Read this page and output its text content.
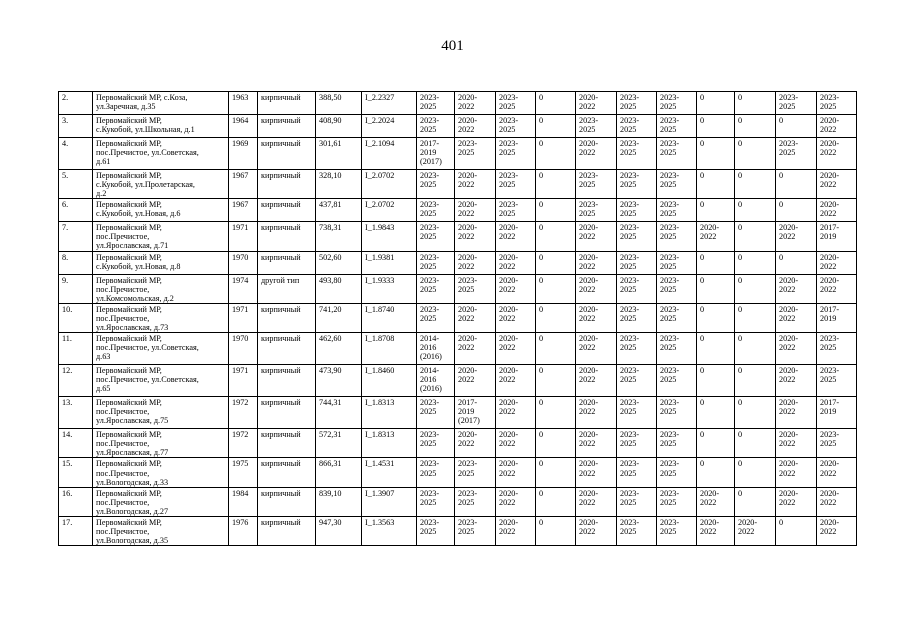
401
2.	Первомайский МР, с.Коза,
ул.Заречная, д.35	1963	кирпичный	388,50	I_2.2327	2023-
2025	2020-
2022	2023-
2025	0	2020-
2022	2023-
2025	2023-
2025	0	0	2023-
2025	2023-
2025
3.	Первомайский МР,
с.Кукобой, ул.Школьная, д.1	1964	кирпичный	408,90	I_2.2024	2023-
2025	2020-
2022	2023-
2025	0	2023-
2025	2023-
2025	2023-
2025	0	0	0	2020-
2022
4.	Первомайский МР,
пос.Пречистое, ул.Советская,
д.61	1969	кирпичный	301,61	I_2.1094	2017-
2019
(2017)	2023-
2025	2023-
2025	0	2020-
2022	2023-
2025	2023-
2025	0	0	2023-
2025	2020-
2022
5.	Первомайский МР,
с.Кукобой, ул.Пролетарская,
д.2	1967	кирпичный	328,10	I_2.0702	2023-
2025	2020-
2022	2023-
2025	0	2023-
2025	2023-
2025	2023-
2025	0	0	0	2020-
2022
6.	Первомайский МР,
с.Кукобой, ул.Новая, д.6	1967	кирпичный	437,81	I_2.0702	2023-
2025	2020-
2022	2023-
2025	0	2023-
2025	2023-
2025	2023-
2025	0	0	0	2020-
2022
7.	Первомайский МР,
пос.Пречистое,
ул.Ярославская, д.71	1971	кирпичный	738,31	I_1.9843	2023-
2025	2020-
2022	2020-
2022	0	2020-
2022	2023-
2025	2023-
2025	2020-
2022	0	2020-
2022	2017-
2019
8.	Первомайский МР,
с.Кукобой, ул.Новая, д.8	1970	кирпичный	502,60	I_1.9381	2023-
2025	2020-
2022	2020-
2022	0	2020-
2022	2023-
2025	2023-
2025	0	0	0	2020-
2022
9.	Первомайский МР,
пос.Пречистое,
ул.Комсомольская, д.2	1974	другой тип	493,80	I_1.9333	2023-
2025	2023-
2025	2020-
2022	0	2020-
2022	2023-
2025	2023-
2025	0	0	2020-
2022	2020-
2022
10.	Первомайский МР,
пос.Пречистое,
ул.Ярославская, д.73	1971	кирпичный	741,20	I_1.8740	2023-
2025	2020-
2022	2020-
2022	0	2020-
2022	2023-
2025	2023-
2025	0	0	2020-
2022	2017-
2019
11.	Первомайский МР,
пос.Пречистое, ул.Советская,
д.63	1970	кирпичный	462,60	I_1.8708	2014-
2016
(2016)	2020-
2022	2020-
2022	0	2020-
2022	2023-
2025	2023-
2025	0	0	2020-
2022	2023-
2025
12.	Первомайский МР,
пос.Пречистое, ул.Советская,
д.65	1971	кирпичный	473,90	I_1.8460	2014-
2016
(2016)	2020-
2022	2020-
2022	0	2020-
2022	2023-
2025	2023-
2025	0	0	2020-
2022	2023-
2025
13.	Первомайский МР,
пос.Пречистое,
ул.Ярославская, д.75	1972	кирпичный	744,31	I_1.8313	2023-
2025	2017-
2019
(2017)	2020-
2022	0	2020-
2022	2023-
2025	2023-
2025	0	0	2020-
2022	2017-
2019
14.	Первомайский МР,
пос.Пречистое,
ул.Ярославская, д.77	1972	кирпичный	572,31	I_1.8313	2023-
2025	2020-
2022	2020-
2022	0	2020-
2022	2023-
2025	2023-
2025	0	0	2020-
2022	2023-
2025
15.	Первомайский МР,
пос.Пречистое,
ул.Вологодская, д.33	1975	кирпичный	866,31	I_1.4531	2023-
2025	2023-
2025	2020-
2022	0	2020-
2022	2023-
2025	2023-
2025	0	0	2020-
2022	2020-
2022
16.	Первомайский МР,
пос.Пречистое,
ул.Вологодская, д.27	1984	кирпичный	839,10	I_1.3907	2023-
2025	2023-
2025	2020-
2022	0	2020-
2022	2023-
2025	2023-
2025	2020-
2022	0	2020-
2022	2020-
2022
17.	Первомайский МР,
пос.Пречистое,
ул.Вологодская, д.35	1976	кирпичный	947,30	I_1.3563	2023-
2025	2023-
2025	2020-
2022	0	2020-
2022	2023-
2025	2023-
2025	2020-
2022	2020-
2022	0	2020-
2022
